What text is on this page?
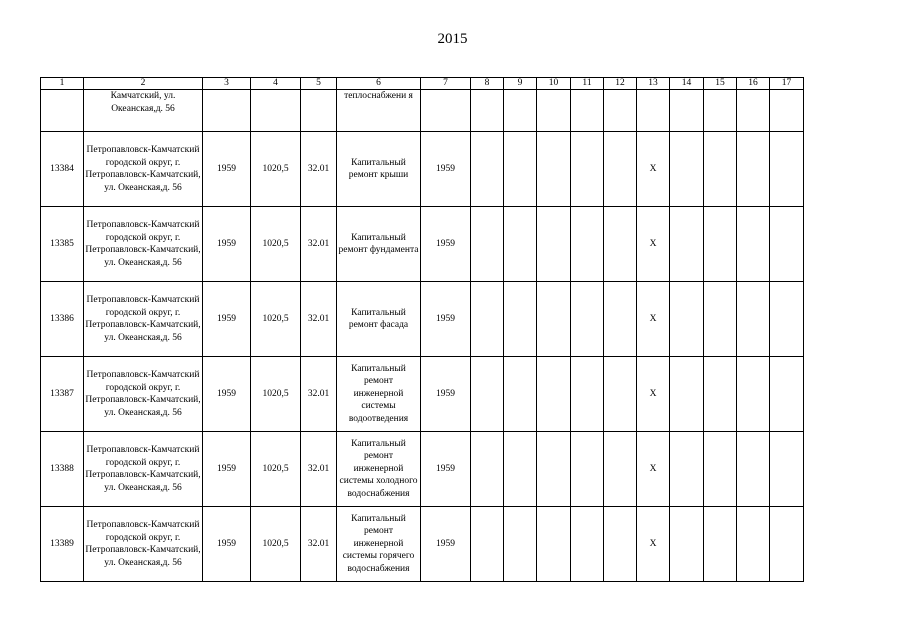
2015
1	2	3	4	5	6	7	8	9	10	11	12	13	14	15	16	17
	Камчатский, ул. Океанская,д. 56				теплоснабжени я											
13384	Петропавловск-Камчатский городской округ, г. Петропавловск-Камчатский, ул. Океанская,д. 56	1959	1020,5	32.01	Капитальный ремонт крыши	1959						X				
13385	Петропавловск-Камчатский городской округ, г. Петропавловск-Камчатский, ул. Океанская,д. 56	1959	1020,5	32.01	Капитальный ремонт фундамента	1959						X				
13386	Петропавловск-Камчатский городской округ, г. Петропавловск-Камчатский, ул. Океанская,д. 56	1959	1020,5	32.01	Капитальный ремонт фасада	1959						X				
13387	Петропавловск-Камчатский городской округ, г. Петропавловск-Камчатский, ул. Океанская,д. 56	1959	1020,5	32.01	Капитальный ремонт инженерной системы водоотведения	1959						X				
13388	Петропавловск-Камчатский городской округ, г. Петропавловск-Камчатский, ул. Океанская,д. 56	1959	1020,5	32.01	Капитальный ремонт инженерной системы холодного водоснабжения	1959						X				
13389	Петропавловск-Камчатский городской округ, г. Петропавловск-Камчатский, ул. Океанская,д. 56	1959	1020,5	32.01	Капитальный ремонт инженерной системы горячего водоснабжения	1959						X				
